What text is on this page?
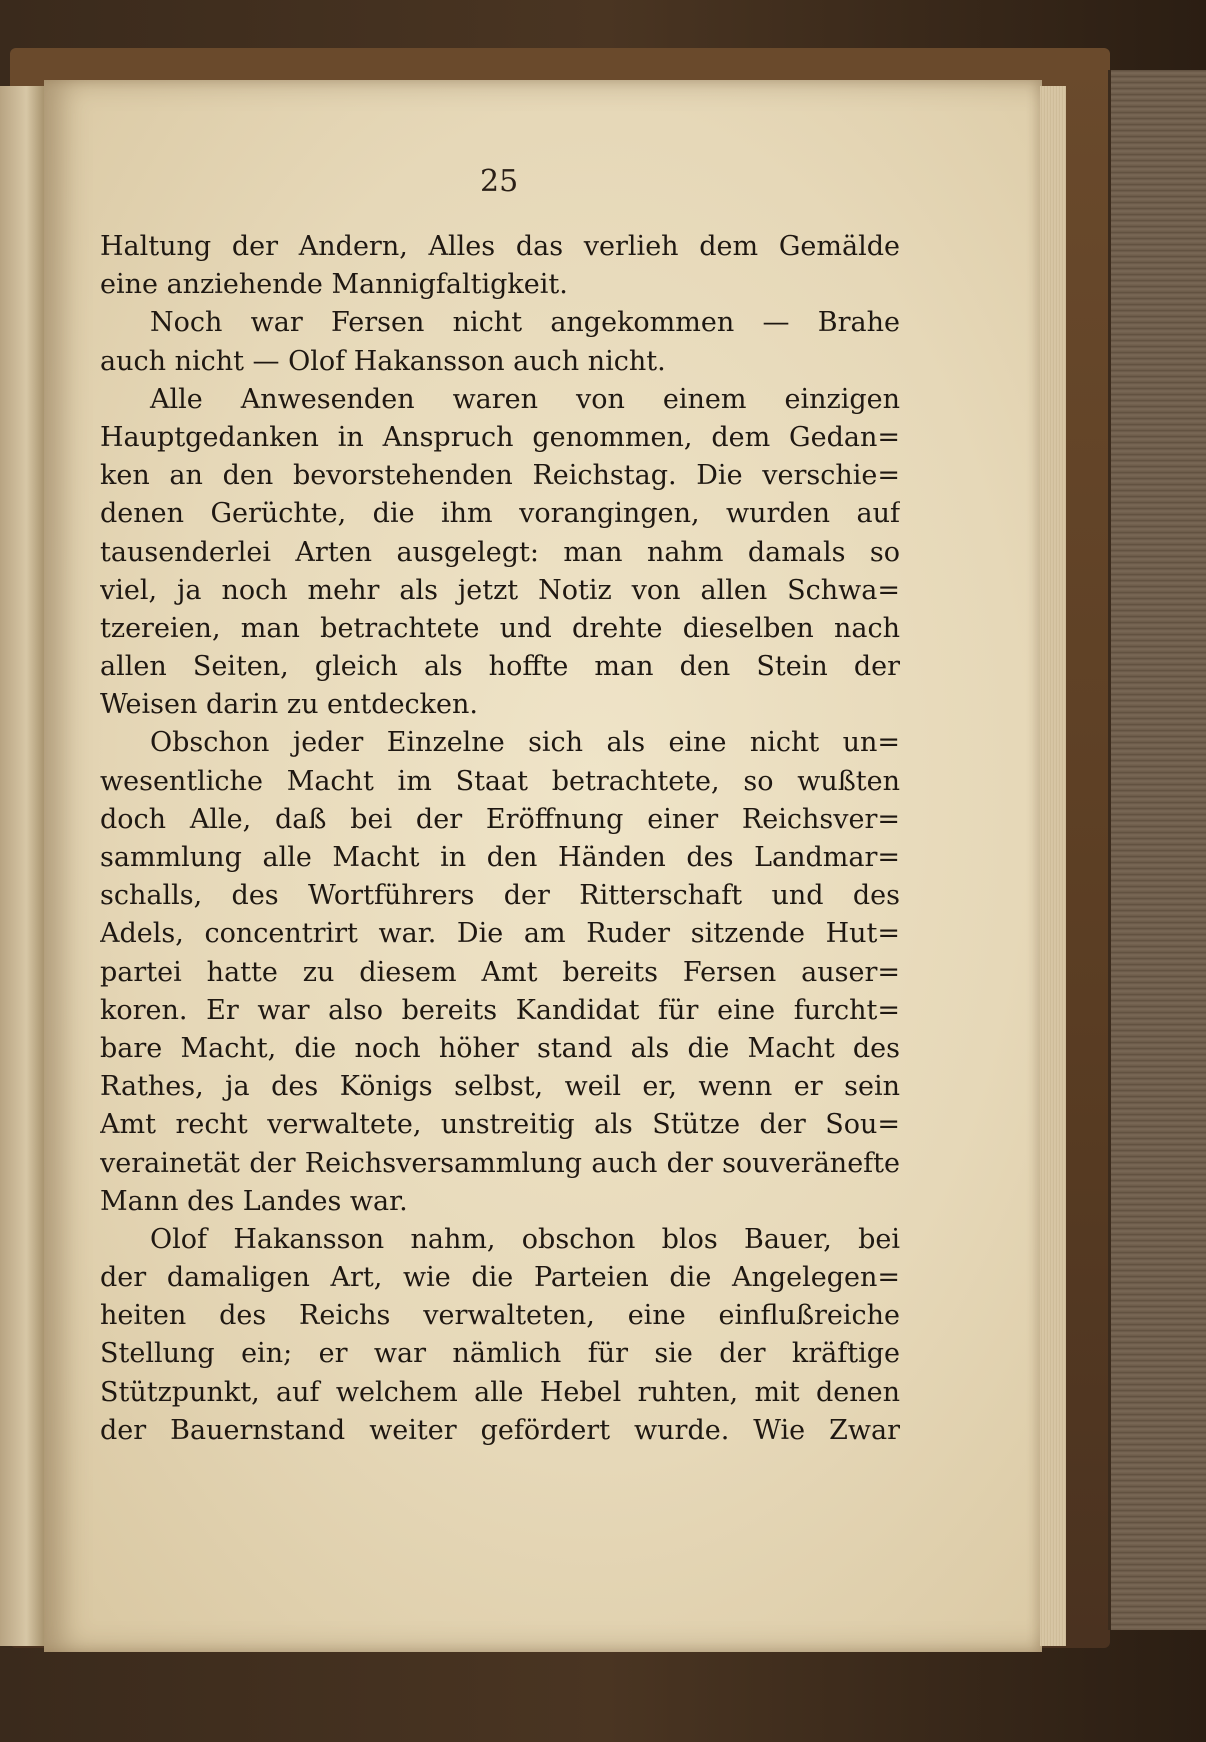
25
Haltung der Andern, Alles das verlieh dem Gemälde
eine anziehende Mannigfaltigkeit.
Noch war Fersen nicht angekommen — Brahe
auch nicht — Olof Hakansson auch nicht.
Alle Anwesenden waren von einem einzigen
Hauptgedanken in Anspruch genommen, dem Gedan=
ken an den bevorstehenden Reichstag. Die verschie=
denen Gerüchte, die ihm vorangingen, wurden auf
tausenderlei Arten ausgelegt: man nahm damals so
viel, ja noch mehr als jetzt Notiz von allen Schwa=
tzereien, man betrachtete und drehte dieselben nach
allen Seiten, gleich als hoffte man den Stein der
Weisen darin zu entdecken.
Obschon jeder Einzelne sich als eine nicht un=
wesentliche Macht im Staat betrachtete, so wußten
doch Alle, daß bei der Eröffnung einer Reichsver=
sammlung alle Macht in den Händen des Landmar=
schalls, des Wortführers der Ritterschaft und des
Adels, concentrirt war. Die am Ruder sitzende Hut=
partei hatte zu diesem Amt bereits Fersen auser=
koren. Er war also bereits Kandidat für eine furcht=
bare Macht, die noch höher stand als die Macht des
Rathes, ja des Königs selbst, weil er, wenn er sein
Amt recht verwaltete, unstreitig als Stütze der Sou=
verainetät der Reichsversammlung auch der souveränefte
Mann des Landes war.
Olof Hakansson nahm, obschon blos Bauer, bei
der damaligen Art, wie die Parteien die Angelegen=
heiten des Reichs verwalteten, eine einflußreiche
Stellung ein; er war nämlich für sie der kräftige
Stützpunkt, auf welchem alle Hebel ruhten, mit denen
der Bauernstand weiter gefördert wurde. Wie Zwar
